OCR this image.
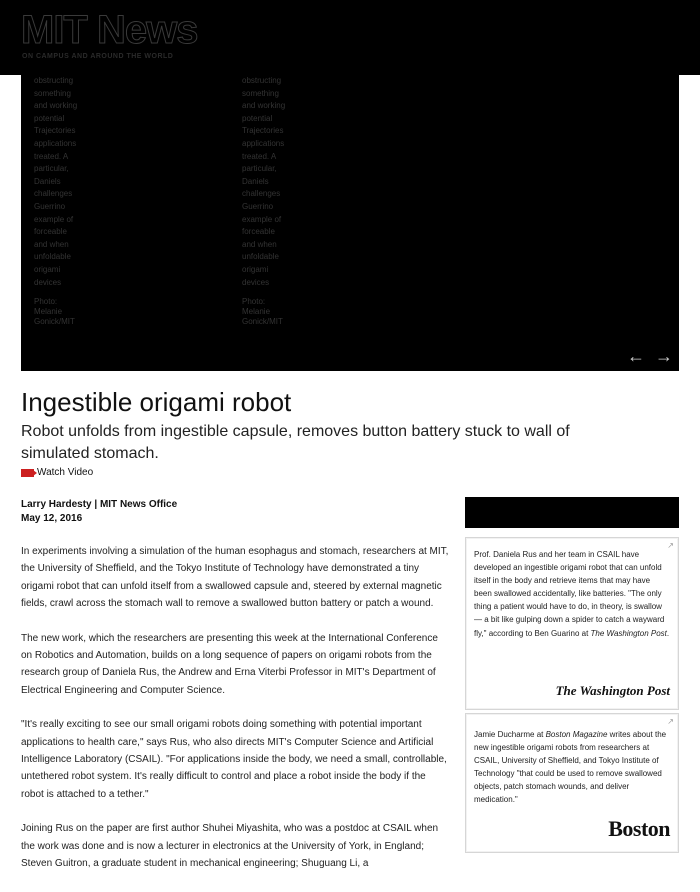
MIT News
ON CAMPUS AND AROUND THE WORLD
obstructing
something
and working
potential
Trajectories
applications
treated. A
particular,
Daniels
challenges
Guerrino
example of
forceable
and when
unfoldable
origami
devices
Photo:
Melanie
Gonick/MIT
obstructing
something
and working
potential
Trajectories
applications
treated. A
particular,
Daniels
challenges
Guerrino
example of
forceable
and when
unfoldable
origami
devices
Photo:
Melanie
Gonick/MIT
← →
Ingestible origami robot
Robot unfolds from ingestible capsule, removes button battery stuck to wall of simulated stomach.
Watch Video
Larry Hardesty | MIT News Office
May 12, 2016

In experiments involving a simulation of the human esophagus and stomach, researchers at MIT, the University of Sheffield, and the Tokyo Institute of Technology have demonstrated a tiny origami robot that can unfold itself from a swallowed capsule and, steered by external magnetic fields, crawl across the stomach wall to remove a swallowed button battery or patch a wound.

The new work, which the researchers are presenting this week at the International Conference on Robotics and Automation, builds on a long sequence of papers on origami robots from the research group of Daniela Rus, the Andrew and Erna Viterbi Professor in MIT's Department of Electrical Engineering and Computer Science.

"It's really exciting to see our small origami robots doing something with potential important applications to health care," says Rus, who also directs MIT's Computer Science and Artificial Intelligence Laboratory (CSAIL). "For applications inside the body, we need a small, controllable, untethered robot system. It's really difficult to control and place a robot inside the body if the robot is attached to a tether."

Joining Rus on the paper are first author Shuhei Miyashita, who was a postdoc at CSAIL when the work was done and is now a lecturer in electronics at the University of York, in England; Steven Guitron, a graduate student in mechanical engineering; Shuguang Li, a

↗
Prof. Daniela Rus and her team in CSAIL have developed an ingestible origami robot that can unfold itself in the body and retrieve items that may have been swallowed accidentally, like batteries. "The only thing a patient would have to do, in theory, is swallow — a bit like gulping down a spider to catch a wayward fly," according to Ben Guarino at The Washington Post.
The Washington Post
↗
Jamie Ducharme at Boston Magazine writes about the new ingestible origami robots from researchers at CSAIL, University of Sheffield, and Tokyo Institute of Technology "that could be used to remove swallowed objects, patch stomach wounds, and deliver medication."
Boston
